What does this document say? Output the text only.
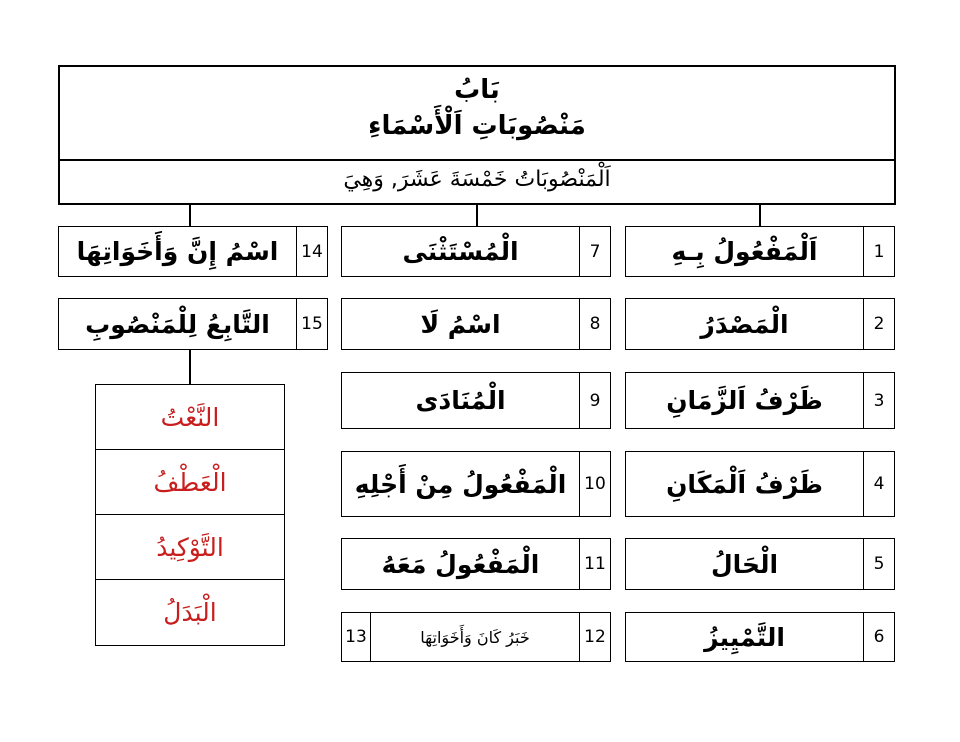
بَابُ
مَنْصُوبَاتِ اَلْأَسْمَاءِ
اَلْمَنْصُوبَاتُ خَمْسَةَ عَشَرَ, وَهِيَ
اَلْمَفْعُولُ بِـهِ	1
الْمَصْدَرُ	2
ظَرْفُ اَلزَّمَانِ	3
ظَرْفُ اَلْمَكَانِ	4
الْحَالُ	5
التَّمْيِيزُ	6
الْمُسْتَثْنَى	7
اسْمُ لَا	8
الْمُنَادَى	9
الْمَفْعُولُ مِنْ أَجْلِهِ	10
الْمَفْعُولُ مَعَهُ	11
13	خَبَرُ كَانَ وَأَخَوَاتِهَا	12
اسْمُ إِنَّ وَأَخَوَاتِهَا	14
التَّابِعُ لِلْمَنْصُوبِ	15
النَّعْتُ
الْعَطْفُ
التَّوْكِيدُ
الْبَدَلُ
